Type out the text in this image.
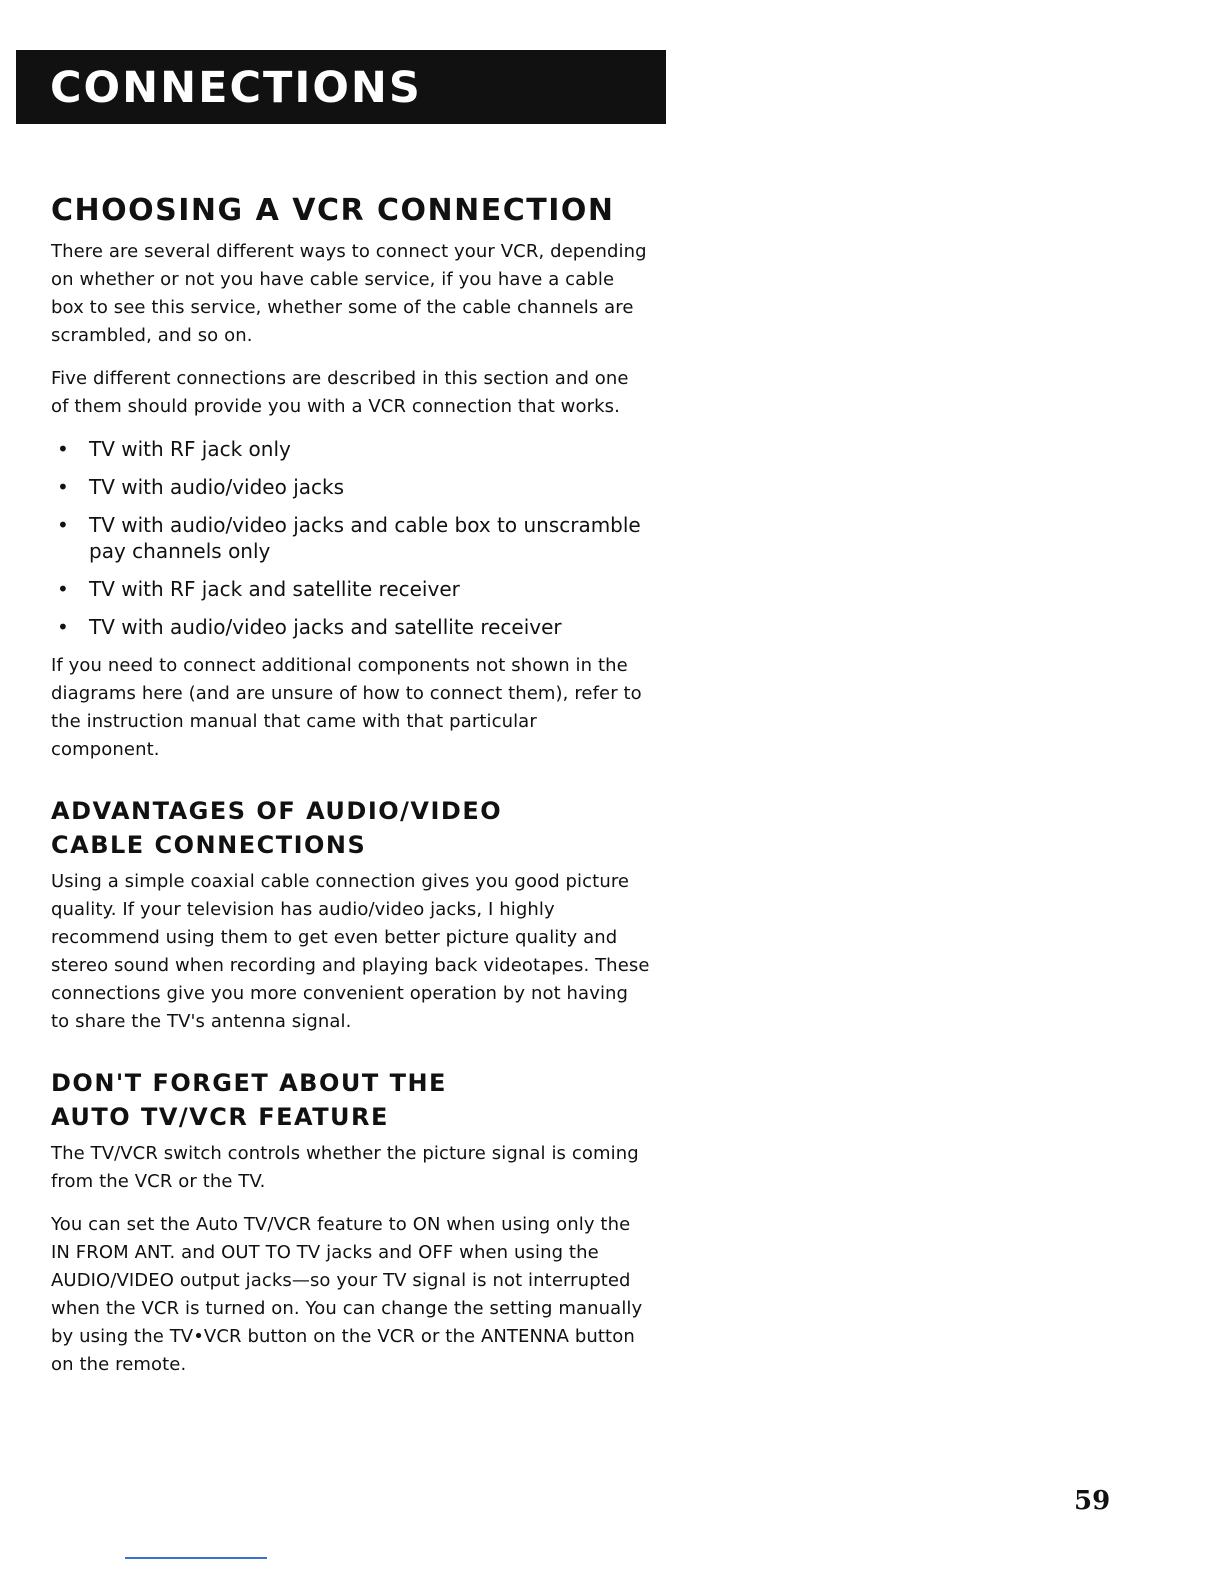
CONNECTIONS
CHOOSING A VCR CONNECTION

There are several different ways to connect your VCR, depending on whether or not you have cable service, if you have a cable box to see this service, whether some of the cable channels are scrambled, and so on.

Five different connections are described in this section and one of them should provide you with a VCR connection that works.

• TV with RF jack only
• TV with audio/video jacks
• TV with audio/video jacks and cable box to unscramble pay channels only
• TV with RF jack and satellite receiver
• TV with audio/video jacks and satellite receiver

If you need to connect additional components not shown in the diagrams here (and are unsure of how to connect them), refer to the instruction manual that came with that particular component.

ADVANTAGES OF AUDIO/VIDEO
CABLE CONNECTIONS

Using a simple coaxial cable connection gives you good picture quality. If your television has audio/video jacks, I highly recommend using them to get even better picture quality and stereo sound when recording and playing back videotapes. These connections give you more convenient operation by not having to share the TV's antenna signal.

DON'T FORGET ABOUT THE
AUTO TV/VCR FEATURE

The TV/VCR switch controls whether the picture signal is coming from the VCR or the TV.

You can set the Auto TV/VCR feature to ON when using only the IN FROM ANT. and OUT TO TV jacks and OFF when using the AUDIO/VIDEO output jacks—so your TV signal is not interrupted when the VCR is turned on. You can change the setting manually by using the TV•VCR button on the VCR or the ANTENNA button on the remote.

59
